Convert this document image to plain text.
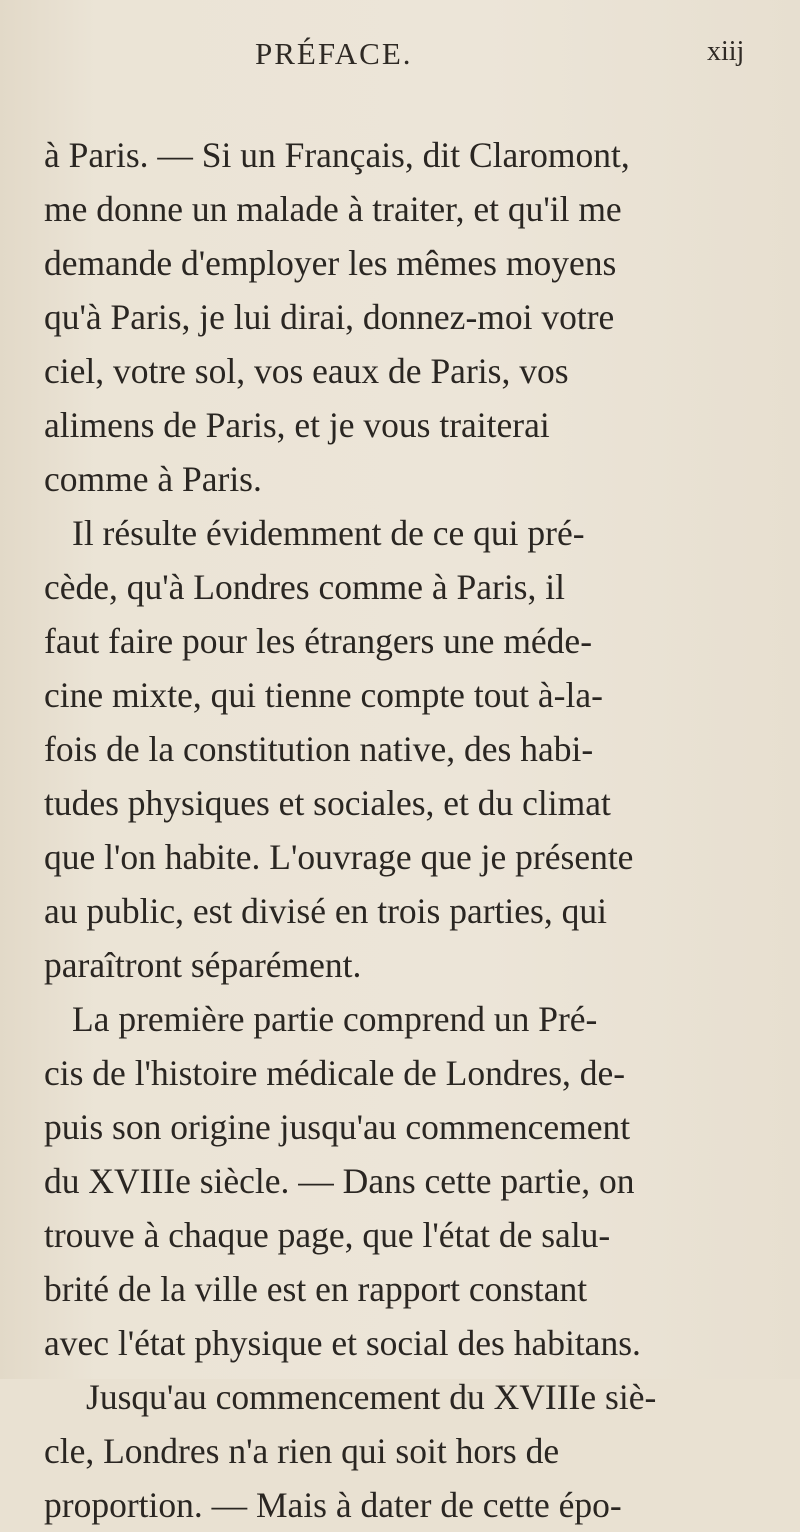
PRÉFACE.	xiij
à Paris. — Si un Français, dit Claromont,
me donne un malade à traiter, et qu'il me
demande d'employer les mêmes moyens
qu'à Paris, je lui dirai, donnez-moi votre
ciel, votre sol, vos eaux de Paris, vos
alimens de Paris, et je vous traiterai
comme à Paris.
Il résulte évidemment de ce qui pré-
cède, qu'à Londres comme à Paris, il
faut faire pour les étrangers une méde-
cine mixte, qui tienne compte tout à-la-
fois de la constitution native, des habi-
tudes physiques et sociales, et du climat
que l'on habite. L'ouvrage que je présente
au public, est divisé en trois parties, qui
paraîtront séparément.
La première partie comprend un Pré-
cis de l'histoire médicale de Londres, de-
puis son origine jusqu'au commencement
du XVIIIe siècle. — Dans cette partie, on
trouve à chaque page, que l'état de salu-
brité de la ville est en rapport constant
avec l'état physique et social des habitans.
Jusqu'au commencement du XVIIIe siè-
cle, Londres n'a rien qui soit hors de
proportion. — Mais à dater de cette épo-
